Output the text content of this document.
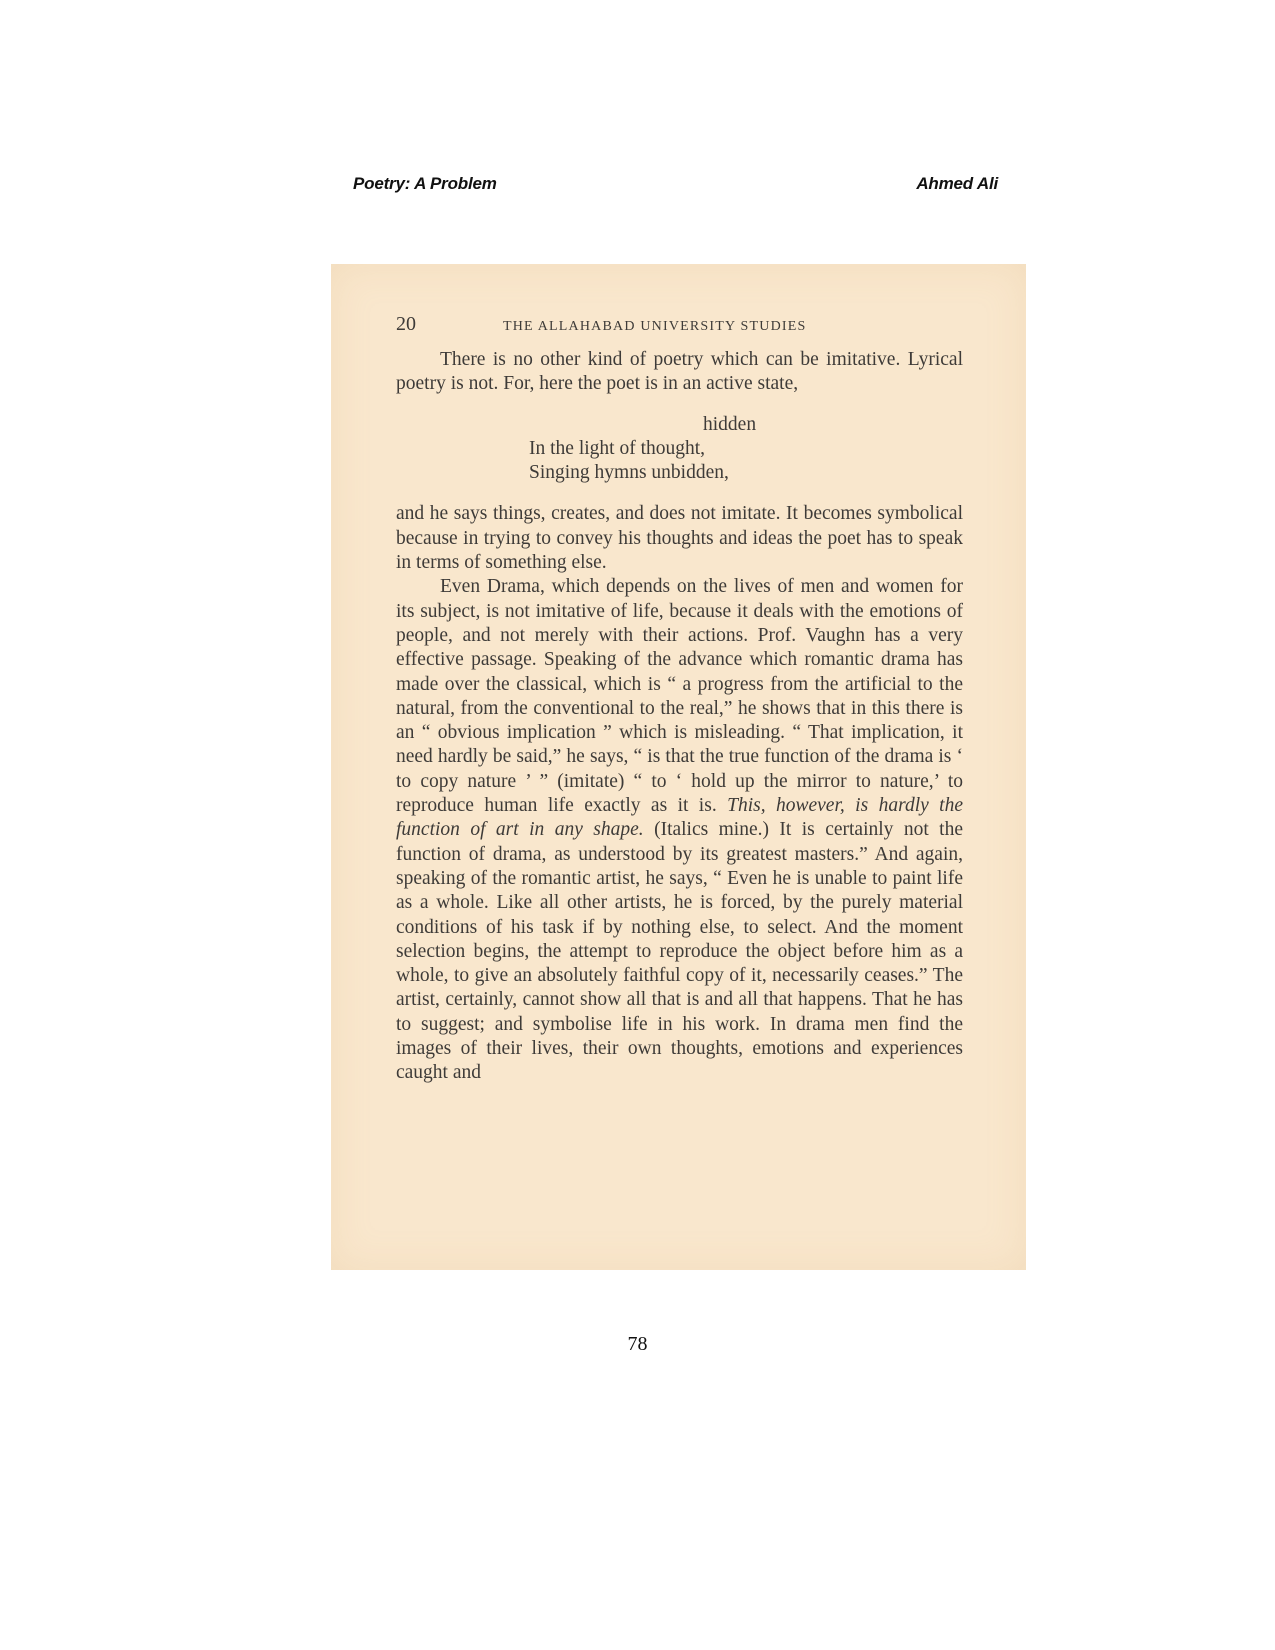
Poetry: A Problem	Ahmed Ali
20	THE ALLAHABAD UNIVERSITY STUDIES

There is no other kind of poetry which can be imitative. Lyrical poetry is not. For, here the poet is in an active state,

hidden
In the light of thought,
Singing hymns unbidden,

and he says things, creates, and does not imitate. It becomes symbolical because in trying to convey his thoughts and ideas the poet has to speak in terms of something else.

Even Drama, which depends on the lives of men and women for its subject, is not imitative of life, because it deals with the emotions of people, and not merely with their actions. Prof. Vaughn has a very effective passage. Speaking of the advance which romantic drama has made over the classical, which is “ a progress from the artificial to the natural, from the conventional to the real,” he shows that in this there is an “ obvious implication ” which is misleading. “ That implication, it need hardly be said,” he says, “ is that the true function of the drama is ‘ to copy nature ’ ” (imitate) “ to ‘ hold up the mirror to nature,’ to reproduce human life exactly as it is. This, however, is hardly the function of art in any shape. (Italics mine.) It is certainly not the function of drama, as understood by its greatest masters.” And again, speaking of the romantic artist, he says, “ Even he is unable to paint life as a whole. Like all other artists, he is forced, by the purely material conditions of his task if by nothing else, to select. And the moment selection begins, the attempt to reproduce the object before him as a whole, to give an absolutely faithful copy of it, necessarily ceases.” The artist, certainly, cannot show all that is and all that happens. That he has to suggest; and symbolise life in his work. In drama men find the images of their lives, their own thoughts, emotions and experiences caught and

78
